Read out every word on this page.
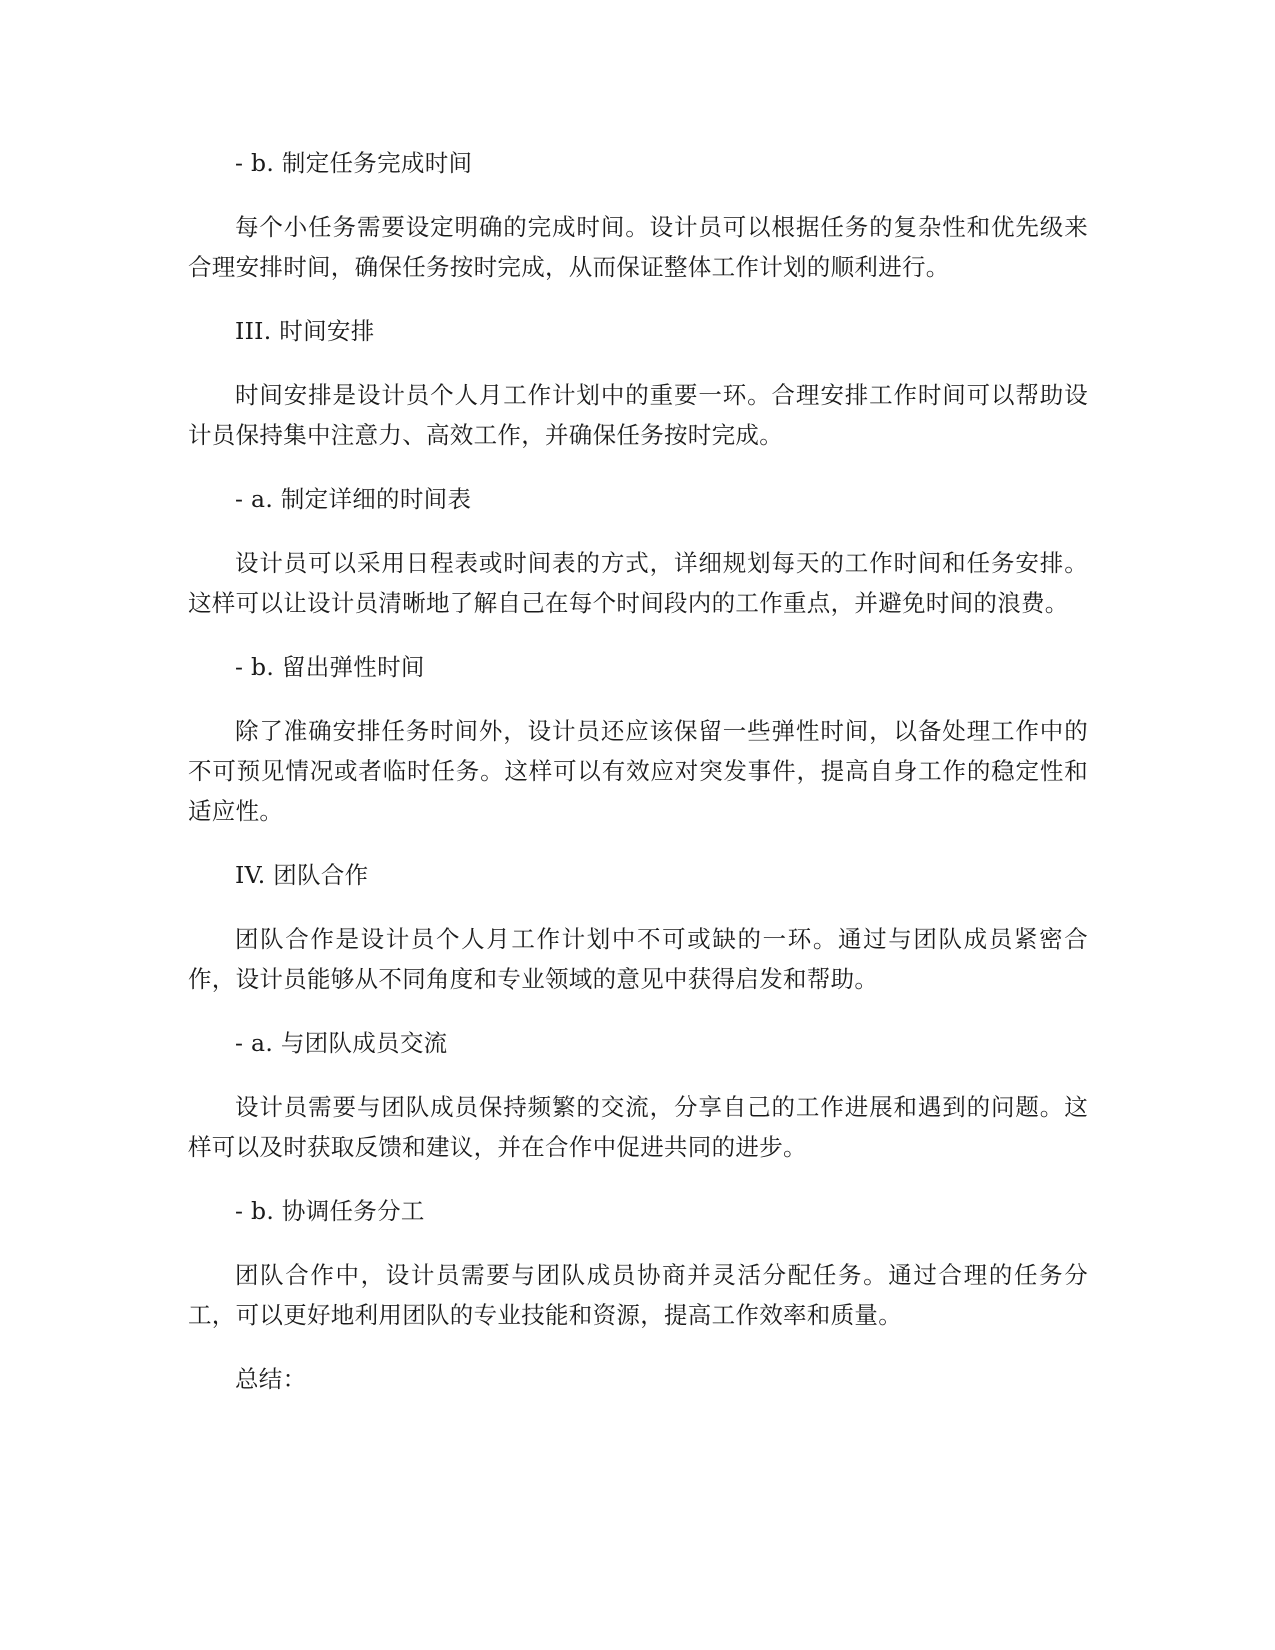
- b. 制定任务完成时间

每个小任务需要设定明确的完成时间。设计员可以根据任务的复杂性和优先级来合理安排时间，确保任务按时完成，从而保证整体工作计划的顺利进行。

III. 时间安排

时间安排是设计员个人月工作计划中的重要一环。合理安排工作时间可以帮助设计员保持集中注意力、高效工作，并确保任务按时完成。

- a. 制定详细的时间表

设计员可以采用日程表或时间表的方式，详细规划每天的工作时间和任务安排。这样可以让设计员清晰地了解自己在每个时间段内的工作重点，并避免时间的浪费。

- b. 留出弹性时间

除了准确安排任务时间外，设计员还应该保留一些弹性时间，以备处理工作中的不可预见情况或者临时任务。这样可以有效应对突发事件，提高自身工作的稳定性和适应性。

IV. 团队合作

团队合作是设计员个人月工作计划中不可或缺的一环。通过与团队成员紧密合作，设计员能够从不同角度和专业领域的意见中获得启发和帮助。

- a. 与团队成员交流

设计员需要与团队成员保持频繁的交流，分享自己的工作进展和遇到的问题。这样可以及时获取反馈和建议，并在合作中促进共同的进步。

- b. 协调任务分工

团队合作中，设计员需要与团队成员协商并灵活分配任务。通过合理的任务分工，可以更好地利用团队的专业技能和资源，提高工作效率和质量。

总结：
